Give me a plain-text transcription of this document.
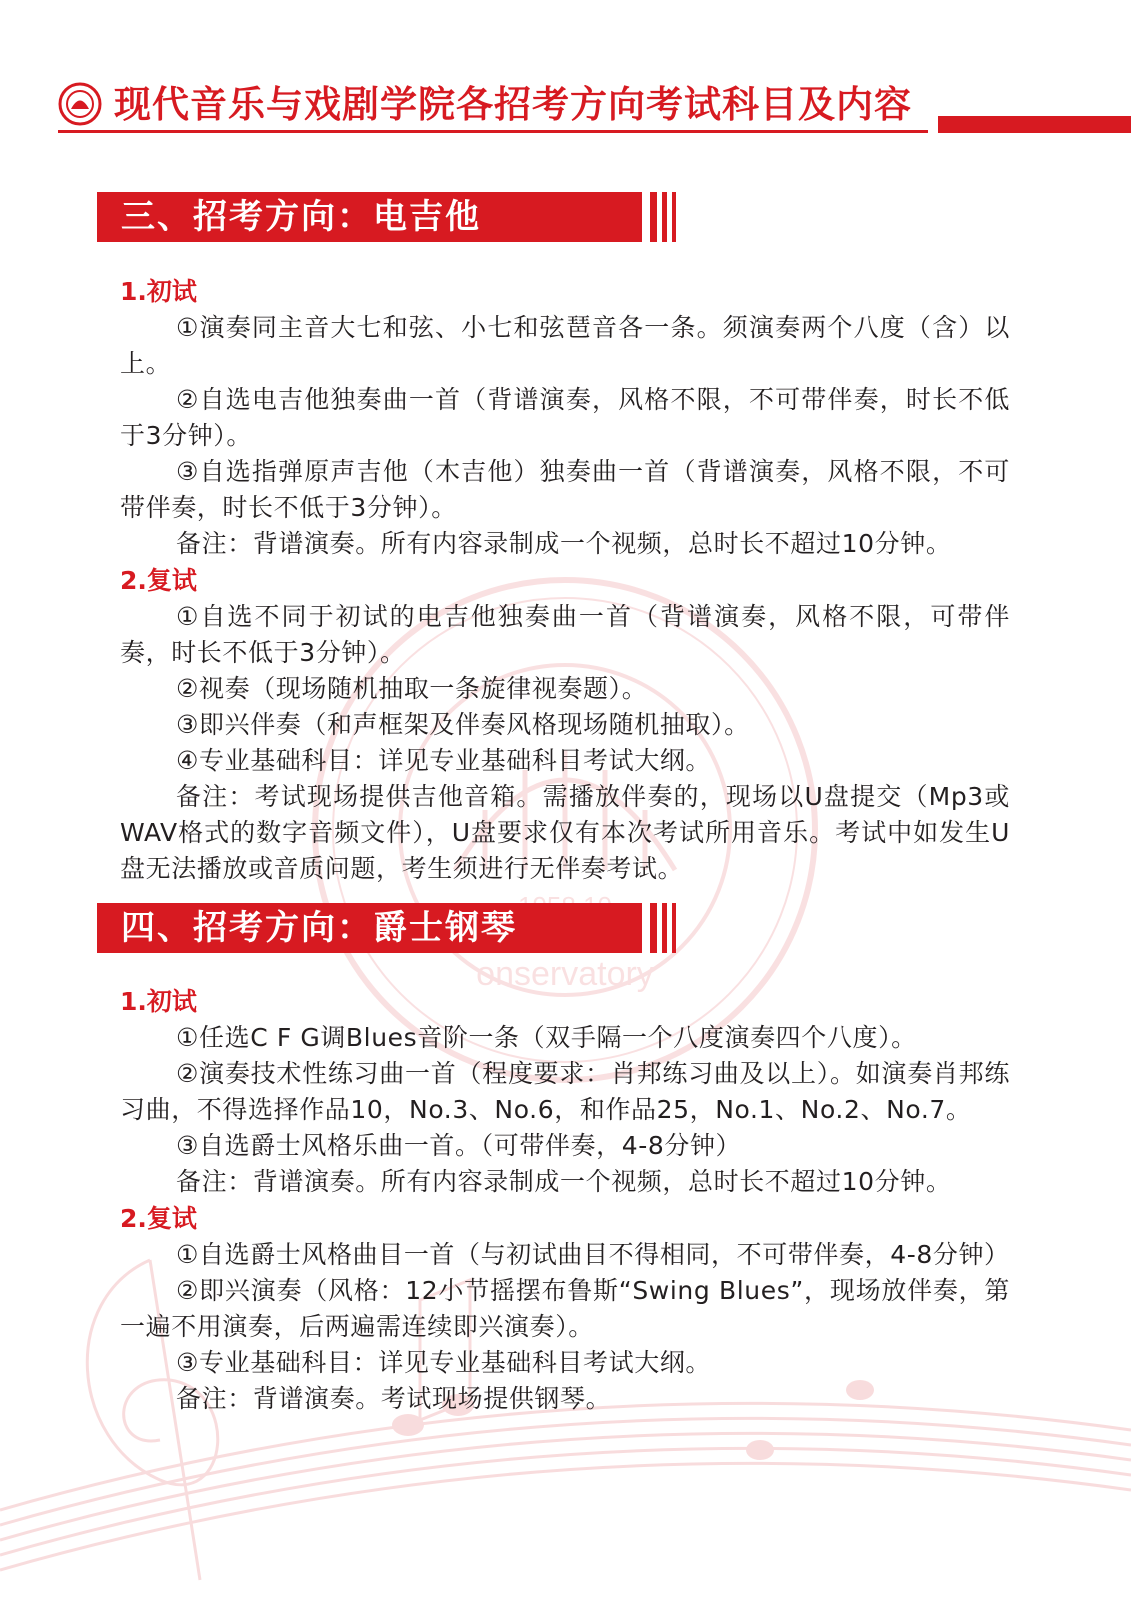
onservatory
现代音乐与戏剧学院各招考方向考试科目及内容
三、招考方向：电吉他

1.初试

①演奏同主音大七和弦、小七和弦琶音各一条。须演奏两个八度（含）以上。

②自选电吉他独奏曲一首（背谱演奏，风格不限，不可带伴奏，时长不低于3分钟）。

③自选指弹原声吉他（木吉他）独奏曲一首（背谱演奏，风格不限，不可带伴奏，时长不低于3分钟）。

备注：背谱演奏。所有内容录制成一个视频，总时长不超过10分钟。

2.复试

①自选不同于初试的电吉他独奏曲一首（背谱演奏，风格不限，可带伴奏，时长不低于3分钟）。

②视奏（现场随机抽取一条旋律视奏题）。

③即兴伴奏（和声框架及伴奏风格现场随机抽取）。

④专业基础科目：详见专业基础科目考试大纲。

备注：考试现场提供吉他音箱。需播放伴奏的，现场以U盘提交（Mp3或WAV格式的数字音频文件），U盘要求仅有本次考试所用音乐。考试中如发生U盘无法播放或音质问题，考生须进行无伴奏考试。

四、招考方向：爵士钢琴

1.初试

①任选C F G调Blues音阶一条（双手隔一个八度演奏四个八度）。

②演奏技术性练习曲一首（程度要求：肖邦练习曲及以上）。如演奏肖邦练习曲，不得选择作品10，No.3、No.6，和作品25，No.1、No.2、No.7。

③自选爵士风格乐曲一首。（可带伴奏，4-8分钟）

备注：背谱演奏。所有内容录制成一个视频，总时长不超过10分钟。

2.复试

①自选爵士风格曲目一首（与初试曲目不得相同，不可带伴奏，4-8分钟）

②即兴演奏（风格：12小节摇摆布鲁斯“Swing Blues”，现场放伴奏，第一遍不用演奏，后两遍需连续即兴演奏）。

③专业基础科目：详见专业基础科目考试大纲。

备注：背谱演奏。考试现场提供钢琴。
